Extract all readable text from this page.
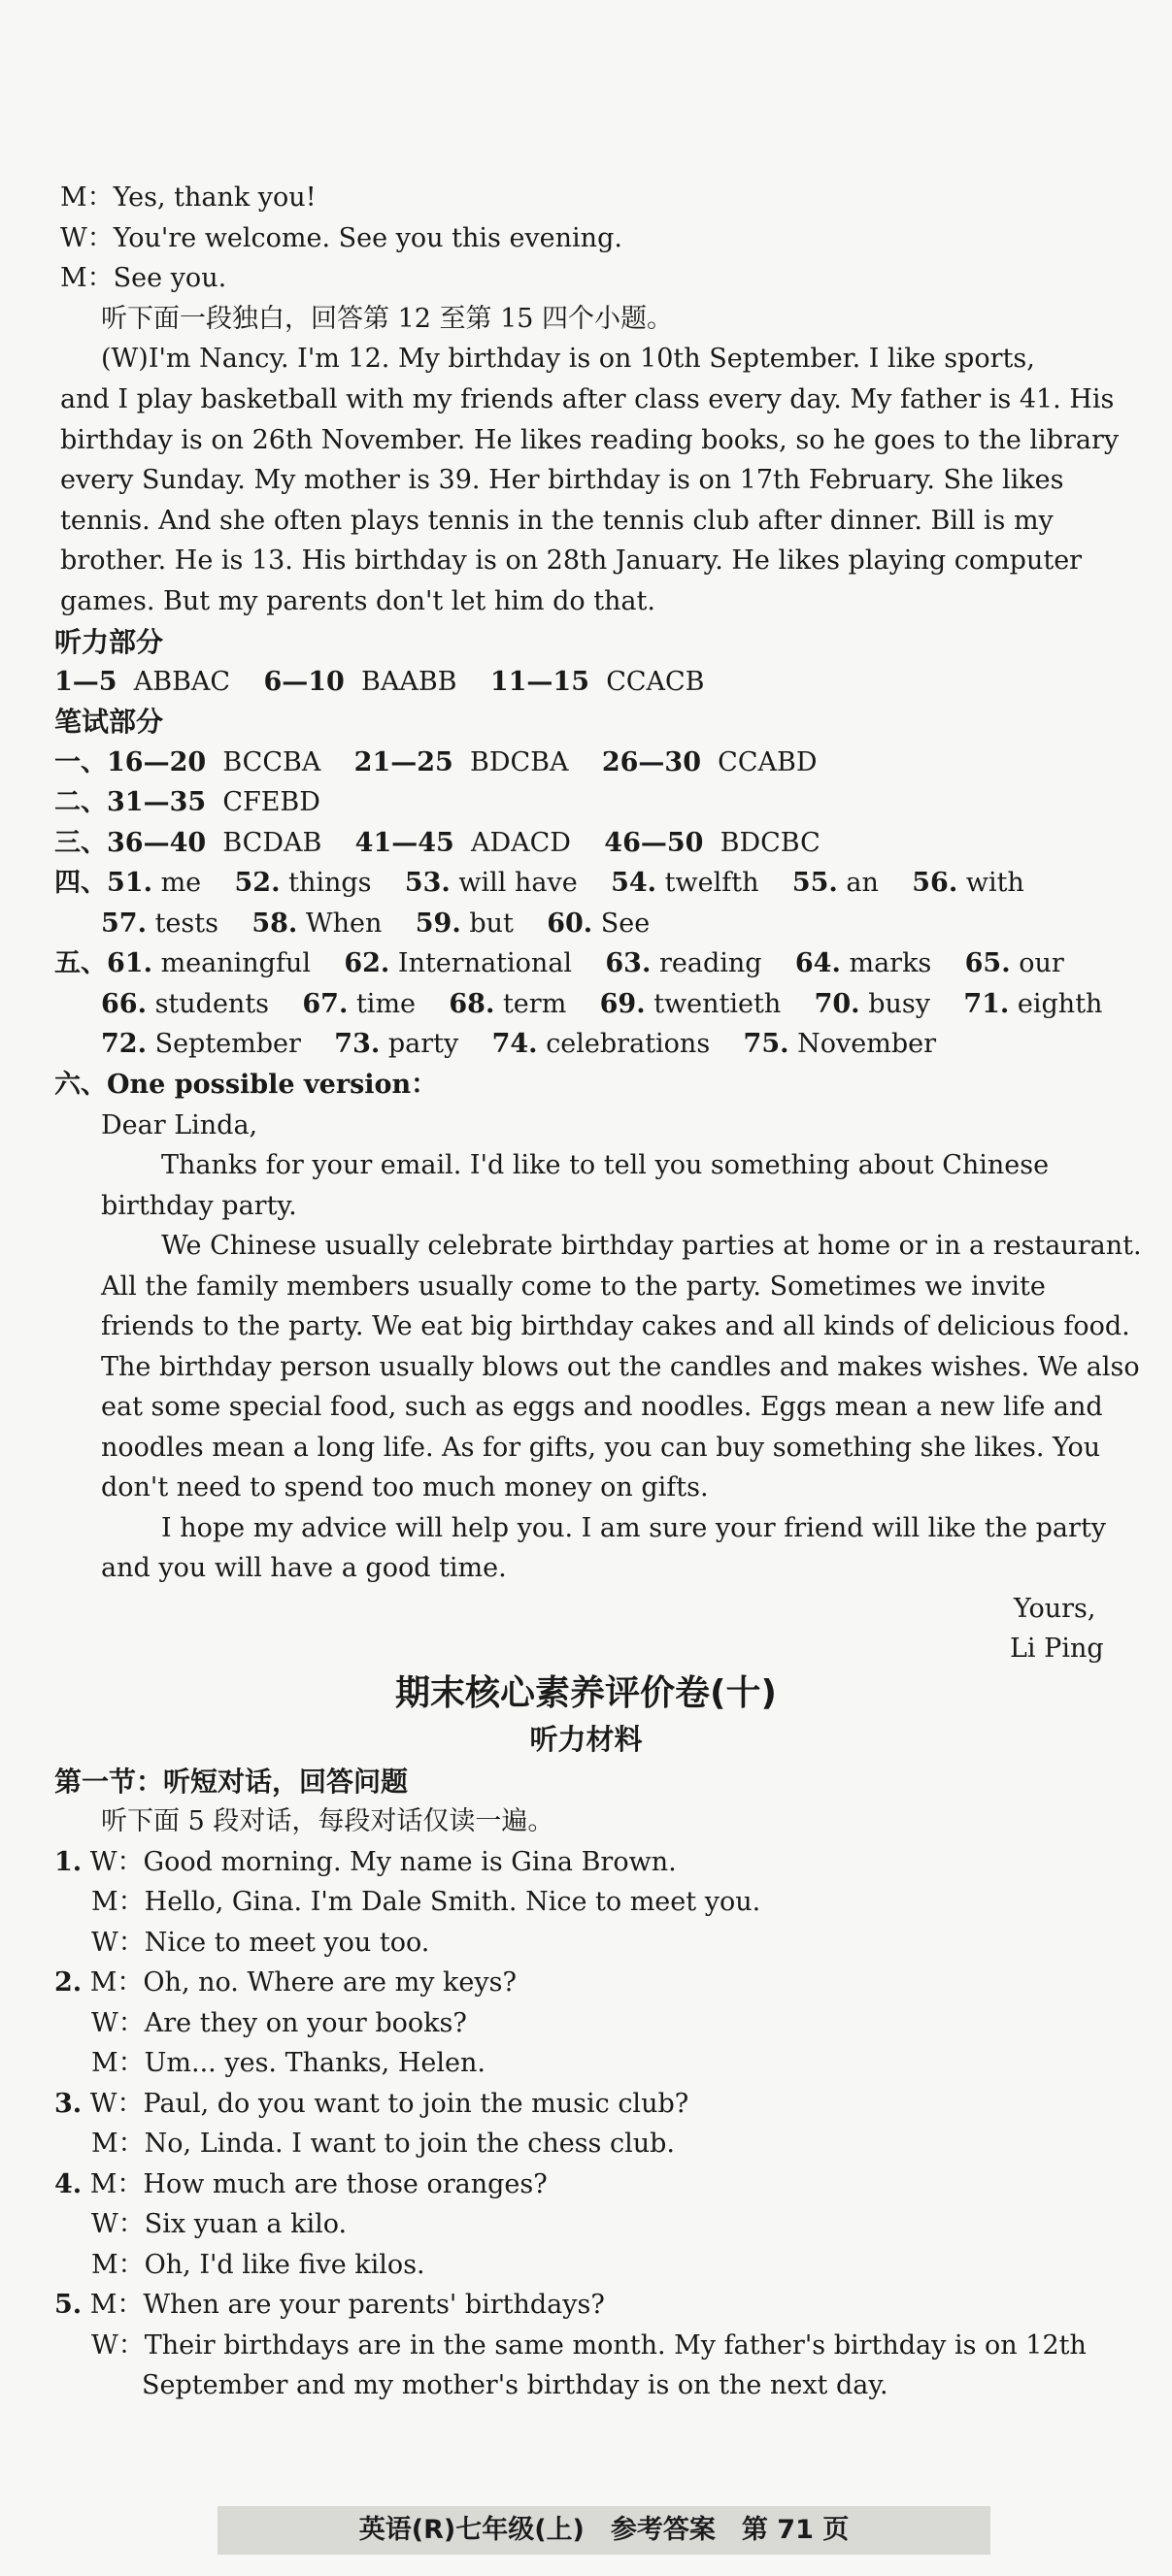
M：Yes, thank you!
W：You're welcome. See you this evening.
M：See you.
听下面一段独白，回答第 12 至第 15 四个小题。
(W)I'm Nancy. I'm 12. My birthday is on 10th September. I like sports,
and I play basketball with my friends after class every day. My father is 41. His
birthday is on 26th November. He likes reading books, so he goes to the library
every Sunday. My mother is 39. Her birthday is on 17th February. She likes
tennis. And she often plays tennis in the tennis club after dinner. Bill is my
brother. He is 13. His birthday is on 28th January. He likes playing computer
games. But my parents don't let him do that.
听力部分
1—5 ABBAC 6—10 BAABB 11—15 CCACB
笔试部分
一、16—20 BCCBA 21—25 BDCBA 26—30 CCABD
二、31—35 CFEBD
三、36—40 BCDAB 41—45 ADACD 46—50 BDCBC
四、51. me 52. things 53. will have 54. twelfth 55. an 56. with
57. tests 58. When 59. but 60. See
五、61. meaningful 62. International 63. reading 64. marks 65. our
66. students 67. time 68. term 69. twentieth 70. busy 71. eighth
72. September 73. party 74. celebrations 75. November
六、One possible version：
Dear Linda,
Thanks for your email. I'd like to tell you something about Chinese
birthday party.
We Chinese usually celebrate birthday parties at home or in a restaurant.
All the family members usually come to the party. Sometimes we invite
friends to the party. We eat big birthday cakes and all kinds of delicious food.
The birthday person usually blows out the candles and makes wishes. We also
eat some special food, such as eggs and noodles. Eggs mean a new life and
noodles mean a long life. As for gifts, you can buy something she likes. You
don't need to spend too much money on gifts.
I hope my advice will help you. I am sure your friend will like the party
and you will have a good time.
Yours,
Li Ping
期末核心素养评价卷(十)
听力材料
第一节：听短对话，回答问题
听下面 5 段对话，每段对话仅读一遍。
1. W：Good morning. My name is Gina Brown.
M：Hello, Gina. I'm Dale Smith. Nice to meet you.
W：Nice to meet you too.
2. M：Oh, no. Where are my keys?
W：Are they on your books?
M：Um... yes. Thanks, Helen.
3. W：Paul, do you want to join the music club?
M：No, Linda. I want to join the chess club.
4. M：How much are those oranges?
W：Six yuan a kilo.
M：Oh, I'd like five kilos.
5. M：When are your parents' birthdays?
W：Their birthdays are in the same month. My father's birthday is on 12th
September and my mother's birthday is on the next day.
英语(R)七年级(上)　参考答案　第 71 页
